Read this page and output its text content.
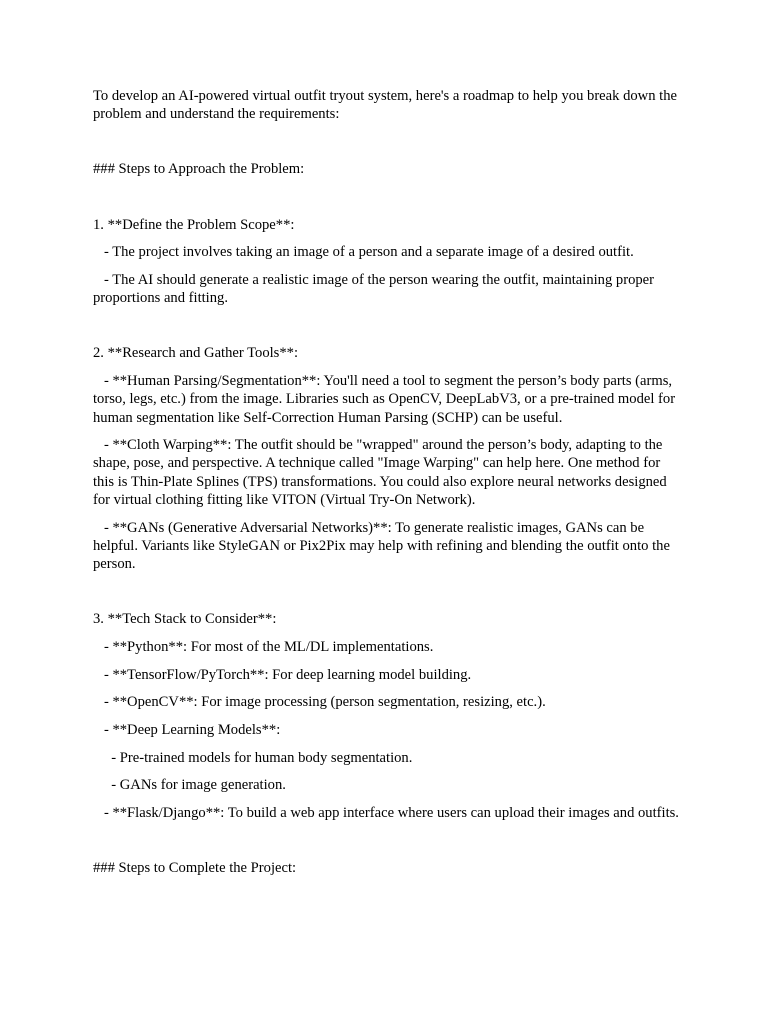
To develop an AI-powered virtual outfit tryout system, here's a roadmap to help you break down the problem and understand the requirements:

### Steps to Approach the Problem:

1. **Define the Problem Scope**:

- The project involves taking an image of a person and a separate image of a desired outfit.

- The AI should generate a realistic image of the person wearing the outfit, maintaining proper proportions and fitting.

2. **Research and Gather Tools**:

- **Human Parsing/Segmentation**: You'll need a tool to segment the person’s body parts (arms, torso, legs, etc.) from the image. Libraries such as OpenCV, DeepLabV3, or a pre-trained model for human segmentation like Self-Correction Human Parsing (SCHP) can be useful.

- **Cloth Warping**: The outfit should be "wrapped" around the person’s body, adapting to the shape, pose, and perspective. A technique called "Image Warping" can help here. One method for this is Thin-Plate Splines (TPS) transformations. You could also explore neural networks designed for virtual clothing fitting like VITON (Virtual Try-On Network).

- **GANs (Generative Adversarial Networks)**: To generate realistic images, GANs can be helpful. Variants like StyleGAN or Pix2Pix may help with refining and blending the outfit onto the person.

3. **Tech Stack to Consider**:

- **Python**: For most of the ML/DL implementations.

- **TensorFlow/PyTorch**: For deep learning model building.

- **OpenCV**: For image processing (person segmentation, resizing, etc.).

- **Deep Learning Models**:

- Pre-trained models for human body segmentation.

- GANs for image generation.

- **Flask/Django**: To build a web app interface where users can upload their images and outfits.

### Steps to Complete the Project:
